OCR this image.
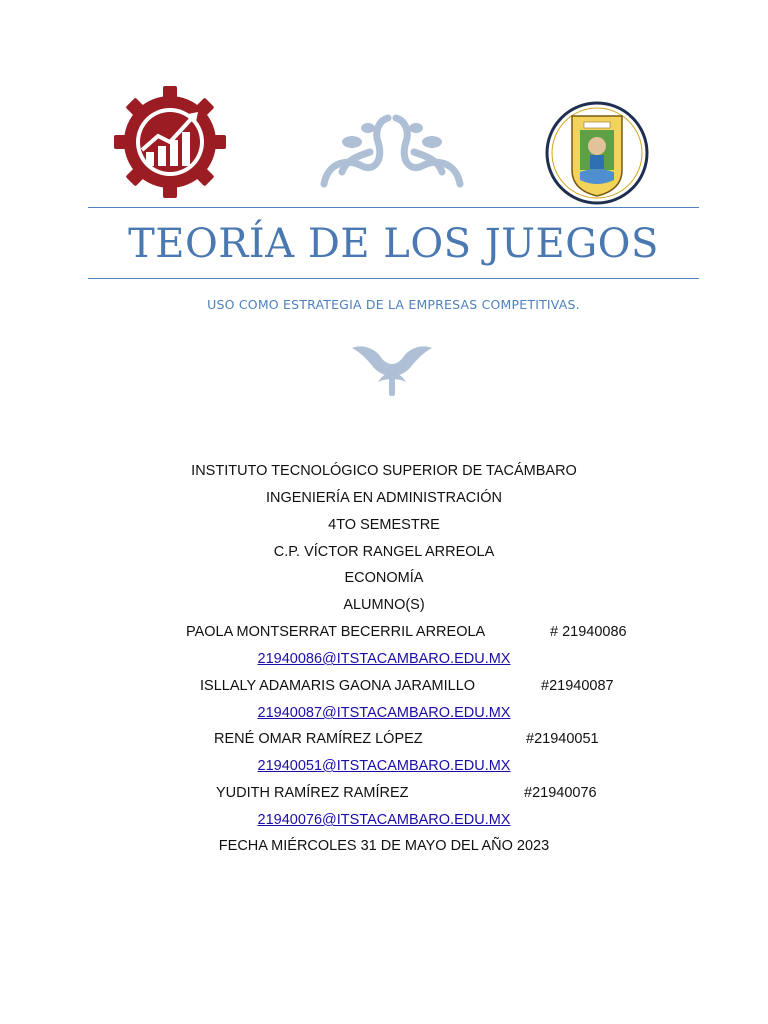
TEORÍA DE LOS JUEGOS
USO COMO ESTRATEGIA DE LA EMPRESAS COMPETITIVAS.
INSTITUTO TECNOLÓGICO SUPERIOR DE TACÁMBARO
INGENIERÍA EN ADMINISTRACIÓN
4TO SEMESTRE
C.P. VÍCTOR RANGEL ARREOLA
ECONOMÍA
ALUMNO(S)
PAOLA MONTSERRAT BECERRIL ARREOLA	# 21940086
21940086@ITSTACAMBARO.EDU.MX
ISLLALY ADAMARIS GAONA JARAMILLO	#21940087
21940087@ITSTACAMBARO.EDU.MX
RENÉ OMAR RAMÍREZ LÓPEZ	#21940051
21940051@ITSTACAMBARO.EDU.MX
YUDITH RAMÍREZ RAMÍREZ	#21940076
21940076@ITSTACAMBARO.EDU.MX
FECHA MIÉRCOLES 31 DE MAYO DEL AÑO 2023
